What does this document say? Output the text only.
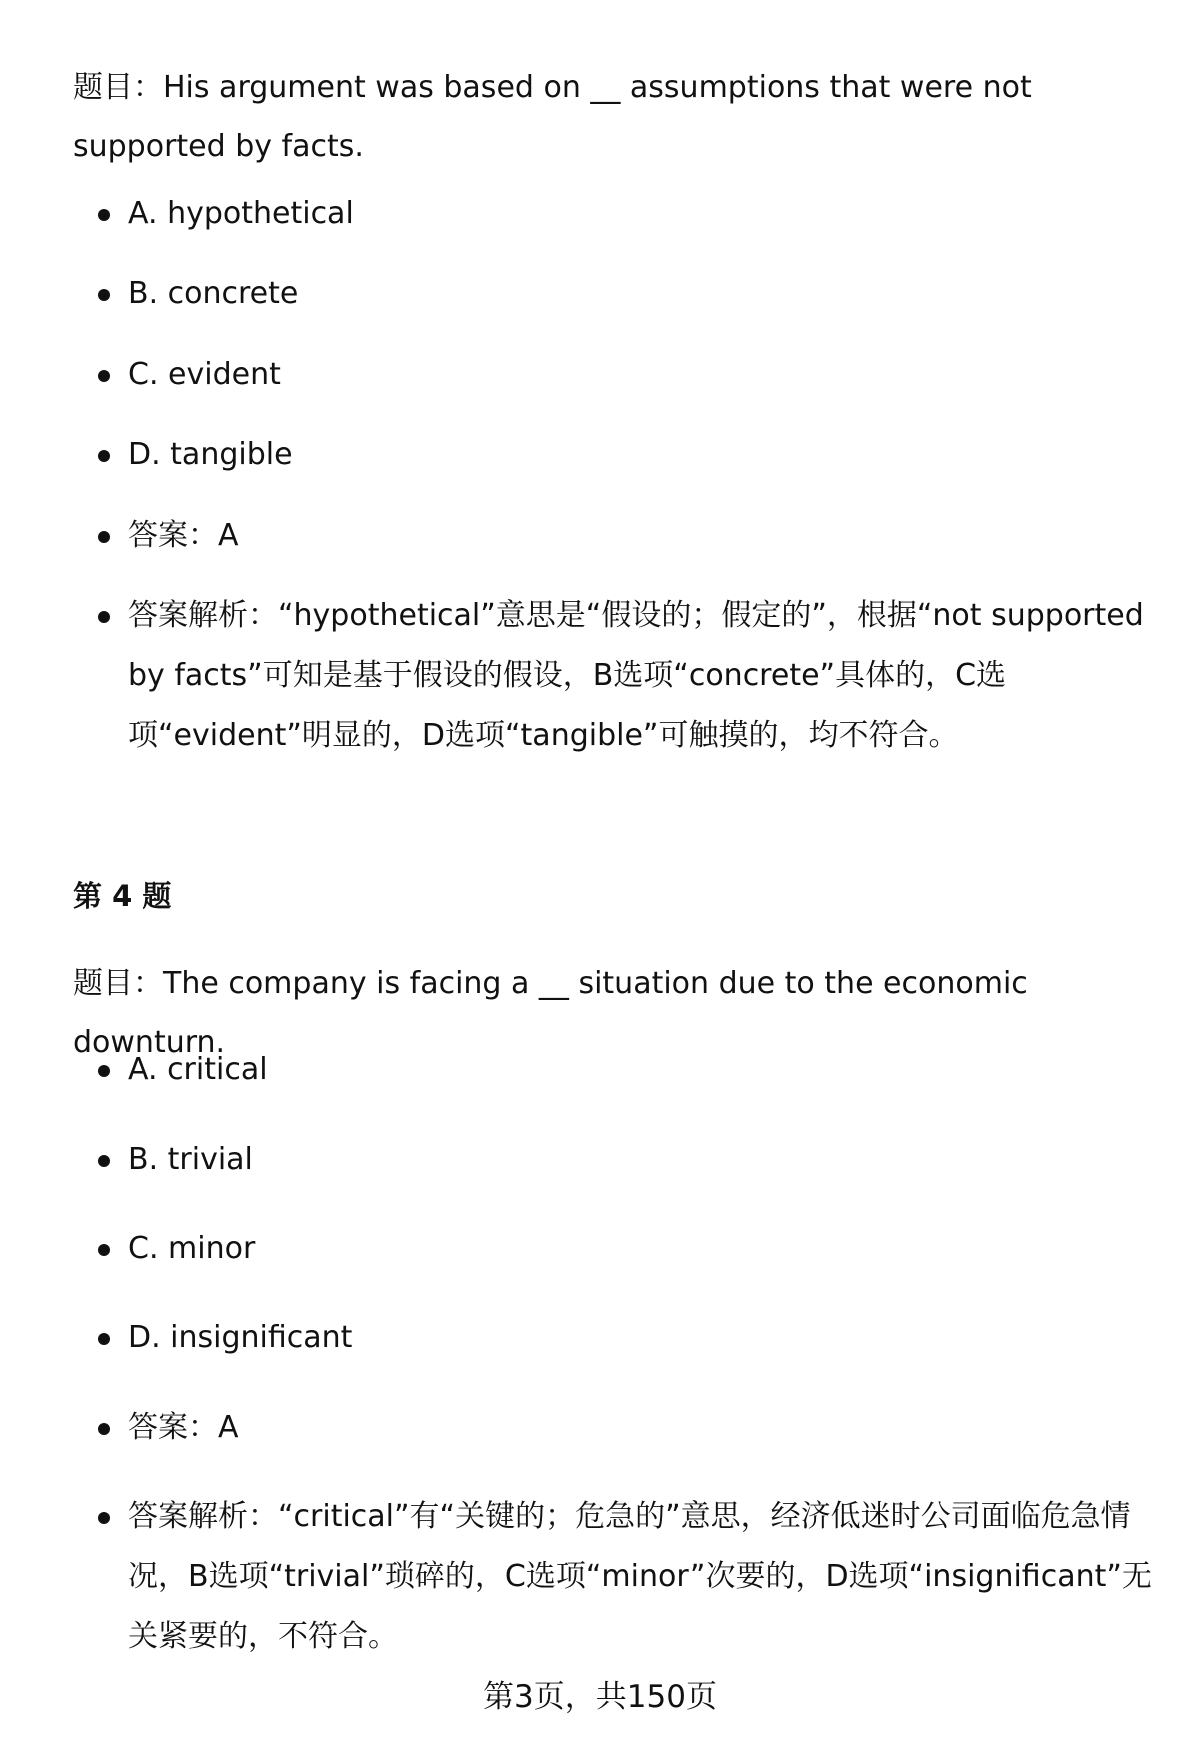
题目：His argument was based on __ assumptions that were not supported by facts.

A. hypothetical

B. concrete

C. evident

D. tangible

答案：A

答案解析：“hypothetical”意思是“假设的；假定的”，根据“not supported by facts”可知是基于假设的假设，B选项“concrete”具体的，C选项“evident”明显的，D选项“tangible”可触摸的，均不符合。

第 4 题

题目：The company is facing a __ situation due to the economic downturn.

A. critical

B. trivial

C. minor

D. insignificant

答案：A

答案解析：“critical”有“关键的；危急的”意思，经济低迷时公司面临危急情况，B选项“trivial”琐碎的，C选项“minor”次要的，D选项“insignificant”无关紧要的，不符合。

第3页，共150页
